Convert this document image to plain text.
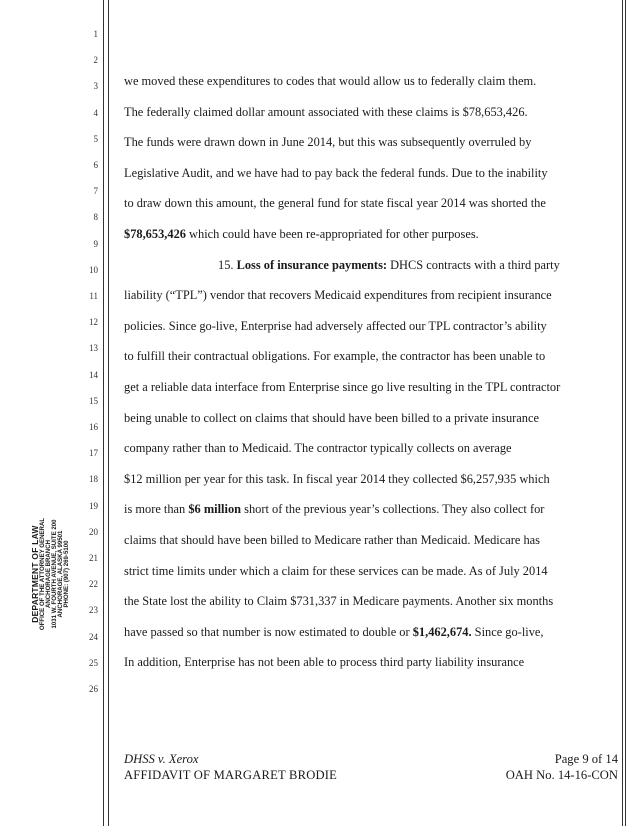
1
2
3
4
5
6
7
8
9
10
11
12
13
14
15
16
17
18
19
20
21
22
23
24
25
26
we moved these expenditures to codes that would allow us to federally claim them.
The federally claimed dollar amount associated with these claims is $78,653,426.
The funds were drawn down in June 2014, but this was subsequently overruled by
Legislative Audit, and we have had to pay back the federal funds. Due to the inability
to draw down this amount, the general fund for state fiscal year 2014 was shorted the
$78,653,426 which could have been re-appropriated for other purposes.
15. Loss of insurance payments: DHCS contracts with a third party
liability (“TPL”) vendor that recovers Medicaid expenditures from recipient insurance
policies. Since go-live, Enterprise had adversely affected our TPL contractor’s ability
to fulfill their contractual obligations. For example, the contractor has been unable to
get a reliable data interface from Enterprise since go live resulting in the TPL contractor
being unable to collect on claims that should have been billed to a private insurance
company rather than to Medicaid. The contractor typically collects on average
$12 million per year for this task. In fiscal year 2014 they collected $6,257,935 which
is more than $6 million short of the previous year’s collections. They also collect for
claims that should have been billed to Medicare rather than Medicaid. Medicare has
strict time limits under which a claim for these services can be made. As of July 2014
the State lost the ability to Claim $731,337 in Medicare payments. Another six months
have passed so that number is now estimated to double or $1,462,674. Since go-live,
In addition, Enterprise has not been able to process third party liability insurance
DEPARTMENT OF LAW
OFFICE OF THE ATTORNEY GENERAL ANCHORAGE BRANCH 1031 W. FOURTH AVENUE, SUITE 200 ANCHORAGE, ALASKA 99501 PHONE: (907) 269-5100
DHSS v. Xerox
AFFIDAVIT OF MARGARET BRODIE
Page 9 of 14
OAH No. 14-16-CON
